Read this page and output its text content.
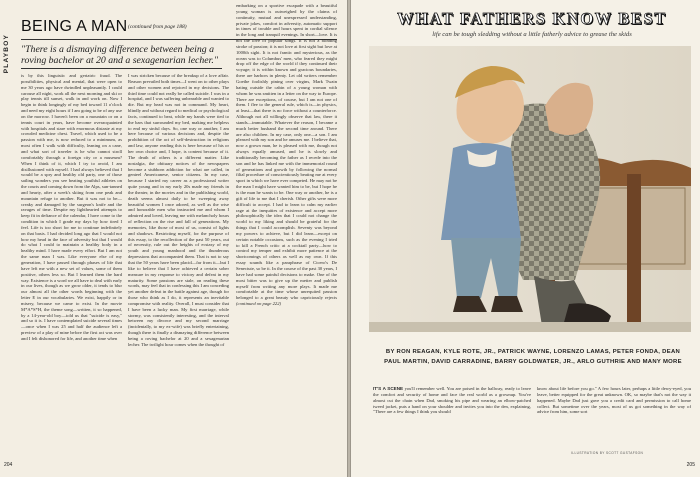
PLAYBOY
BEING A MAN (continued from page 188)
"There is a dismaying difference between being a roving bachelor at 20 and a sexagenarian lecher."
is by this linguistic and geriatric fraud. The possibilities, physical and mental, that were open to me 30 years ago have dwindled unpleasantly. I could carouse all night, work all the next morning and ski or play tennis till sunset, walk in and work on. Now I begin to think longingly of my bed toward 11 o'clock and need my eight hours if I am going to be of any use on the morrow. I haven't been on a mountain or on a tennis court in years, have become overacquainted with hospitals and stare with enormous distaste at my crowded medicine chest. Travel, which used to be a passion with me, is now reduced to a minimum, as most often I walk with difficulty, leaning on a cane, and what sort of traveler is he who cannot stroll comfortably through a foreign city or a museum? When I think of it, which I try to avoid, I am disillusioned with myself. I had always believed that I would be a spry and healthy old party, one of those sailing wonders you see beating youthful athletes on the courts and coming down from the Alps, sun-tanned and hearty, after a week's skiing from one peak and mountain refuge to another. But it was not to be—creaky and damaged by the surgeon's knife and the ravages of time. Despite my lighthearted attempts to keep fit in defiance of the calendar, I have come to the condition in which I grade my days by how tired I feel. Life is too short for me to continue indefinitely on that basis. I had decided long ago that I would not bow my head in the face of adversity but that I would do what I could to maintain a healthy body in a healthy mind. I have made every effort. But I am not the same man I was. Like everyone else of my generation, I have passed through phases of life that have left me with a new set of values, some of them positive, others less so. But I learned them the hard way. Existence is a word we all have to deal with early in our lives, though as we grow older, it tends to blur our almost all the other words beginning with the letter E in our vocabularies. We exist, happily or in misery, because we came to exist. In the movie M*A*S*H, the theme song—written, it so happened, by a 14-year-old boy—told us that "suicide is easy," and so it is. I have contemplated suicide several times—once when I was 25 and half the audience left a preview of a play of mine before the first act was over and I felt dishonored for life, and another time when
I was stricken because of the breakup of a love affair. Reason prevailed both times—I went on to other plays and other women and rejoiced in my decisions. The third time could not really be called suicide. I was in a hospital, and I was suffering unbearable and wanted to die. But my head was not in command. My heart, blindly and without regard to medical or psychological facts, continued to beat, while my hands were tied to the bars that surrounded my bed, making me helpless to end my sinful days. So, one way or another, I am here because of various decisions and, despite the prohibition of the act of self-destruction in religions and law, anyone reading this is here because of his or her own choice and, I hope, is content because of it. The death of others is a different matter. Like nostalgia, the obituary notices of the newspapers become a stubborn addiction for what are called, in genteel Americanese, senior citizens. In my case, because I started my career as a professional writer quite young and in my early 20s made my friends in the theater, in the movies and in the publishing world, death seems almost daily to be sweeping away beautiful women I once adored, as well as the wise and honorable men who instructed me and whom I admired and loved, leaving me with melancholy hours of reflection on the rise and fall of generations. My memories, like those of most of us, consist of lights and shadows. Restricting myself, for the purpose of this essay, to the recollection of the past 50 years, out of necessity, rule out the heights of ecstasy of my youth and young manhood and the thunderous depressions that accompanied them. That is not to say that the 50 years have been placid—far from it—but I like to believe that I have achieved a certain sober measure in my response to victory and defeat in my maturity. Some passions are stale, on reading these words, may feel that in confessing this I am conceding yet another defeat in the battle against age, though for those who think as I do, it represents an inevitable compromise with reality. Overall, I must consider that I have been a lucky man. My first marriage, while stormy, was consistently interesting, and the interval between my divorce and my second marriage (incidentally, to my ex-wife) was briefly entertaining, though there is finally a dismaying difference between being a roving bachelor at 20 and a sexagenarian lecher. The twilight hour comes when the thought of
embarking on a sportive escapade with a beautiful young woman is outweighed by the claims of continuity, mutual and unexpressed understanding, private jokes, comfort in adversity, automatic support in times of trouble and hours spent in cordial silence in the long and tranquil evenings. In short—love. It is not the love of popular songs. It is not a blinding stroke of passion; it is not love at first sight but love at 1000th sight. It is not frantic and mysterious, as the ocean was to Columbus' men, who feared they might drop off the edge of the world if they continued their voyage; it is within known and gracious boundaries, there are harbors in plenty. Let old writers remember Goethe foolishly pining over virgins, Mark Twain hating outside the cabin of a young woman with whom he was smitten in a letter on the way to Europe. There are exceptions, of course, but I am not one of them. I flee to the general rule, which is—in physics, at least—that there is no force without a counterforce. Although not all willingly observe that law, there it stands—immutable. Whatever the reason, I became a much better husband the second time around. There are also children. In my case, only one—a son. I am pleased with my son and he amuses me. I believe that, now a grown man, he is pleased with me, though not always equally amused, and he is slowly and traditionally becoming the father as I recede into the son and he has linked me with the immemorial round of generations and growth by following the normal filial procedure of conscientiously beating me at every sport in which we have ever competed. He may not be the man I might have wanted him to be, but I hope he is the man he wants to be. One way or another, he is a gift of life to me that I cherish. Other gifts were more difficult to accept. I had to learn to calm my earlier rage at the inequities of existence and accept more philosophically the idea that I could not change the world to my liking and should be grateful for the things that I could accomplish. Seventy was beyond my powers to achieve, but I did learn—except on certain notable occasions, such as the evening I tried to kill a French critic at a cocktail party—how to control my temper and exhibit more patience at the shortcomings of others as well as my own. If this essay sounds like a paraphrase of Cicero's De Senectute, so be it. In the course of the past 30 years, I have had some painful decisions to make. One of the most bitter was to give up the metier and publish myself from writing any more plays. It made me comfortable at the time whose unrequited passion belonged to a great beauty who capriciously rejects (continued on page 222)
204
WHAT FATHERS KNOW BEST
life can be tough sledding without a little fatherly advice to grease the skids
BY RON REAGAN, KYLE ROTE, JR., PATRICK WAYNE, LORENZO LAMAS, PETER FONDA, DEAN PAUL MARTIN, DAVID CARRADINE, BARRY GOLDWATER, JR., ARLO GUTHRIE AND MANY MORE
IT'S A SCENE you'll remember well. You are poised in the hallway, ready to leave the comfort and security of home and face the real world as a grownup. You've almost cut the chain when Dad, smoking his pipe and wearing an elbow-patched tweed jacket, puts a hand on your shoulder and invites you into the den, explaining, "There are a few things I think you should
know about life before you go." A few hours later, perhaps a little dewy-eyed, you leave, better equipped for the great unknown. OK, so maybe that's not the way it happened. Maybe Dad just gave you a credit card and permission to call home collect. But sometime over the years, most of us got something in the way of advice from him, some sort
ILLUSTRATION BY SCOTT GUSTAFSON
205
